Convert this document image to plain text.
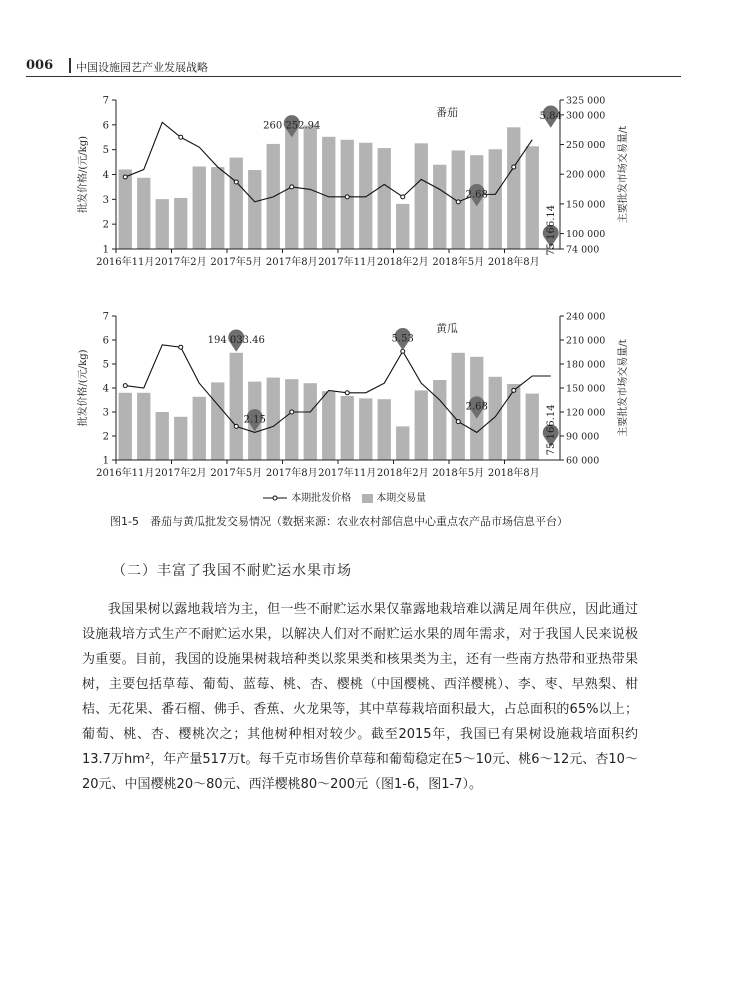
006 中国设施园艺产业发展战略
1
2
3
4
5
6
7
74 000
100 000
150 000
200 000
250 000
300 000
325 000
2016年11月 2017年2月 2017年5月 2017年8月 2017年11月 2018年2月 2018年5月 2018年8月
批发价格/(元/kg)	主要批发市场交易量/t
番茄
260 252.94
2.68
5.84
75 166.14
1
2
3
4
5
6
7
60 000
90 000
120 000
150 000
180 000
210 000
240 000
2016年11月 2017年2月 2017年5月 2017年8月 2017年11月 2018年2月 2018年5月 2018年8月
批发价格/(元/kg)	主要批发市场交易量/t
黄瓜
194 033.46
2.15
5.53
2.68	75 166.14
本期批发价格	本期交易量
图1-5　番茄与黄瓜批发交易情况（数据来源：农业农村部信息中心重点农产品市场信息平台）
（二）丰富了我国不耐贮运水果市场

我国果树以露地栽培为主，但一些不耐贮运水果仅靠露地栽培难以满足周年供应，因此通过设施栽培方式生产不耐贮运水果，以解决人们对不耐贮运水果的周年需求，对于我国人民来说极为重要。目前，我国的设施果树栽培种类以浆果类和核果类为主，还有一些南方热带和亚热带果树，主要包括草莓、葡萄、蓝莓、桃、杏、樱桃（中国樱桃、西洋樱桃）、李、枣、早熟梨、柑桔、无花果、番石榴、佛手、香蕉、火龙果等，其中草莓栽培面积最大，占总面积的65%以上；葡萄、桃、杏、樱桃次之；其他树种相对较少。截至2015年，我国已有果树设施栽培面积约13.7万hm²，年产量517万t。每千克市场售价草莓和葡萄稳定在5～10元、桃6～12元、杏10～20元、中国樱桃20～80元、西洋樱桃80～200元（图1-6，图1-7）。
